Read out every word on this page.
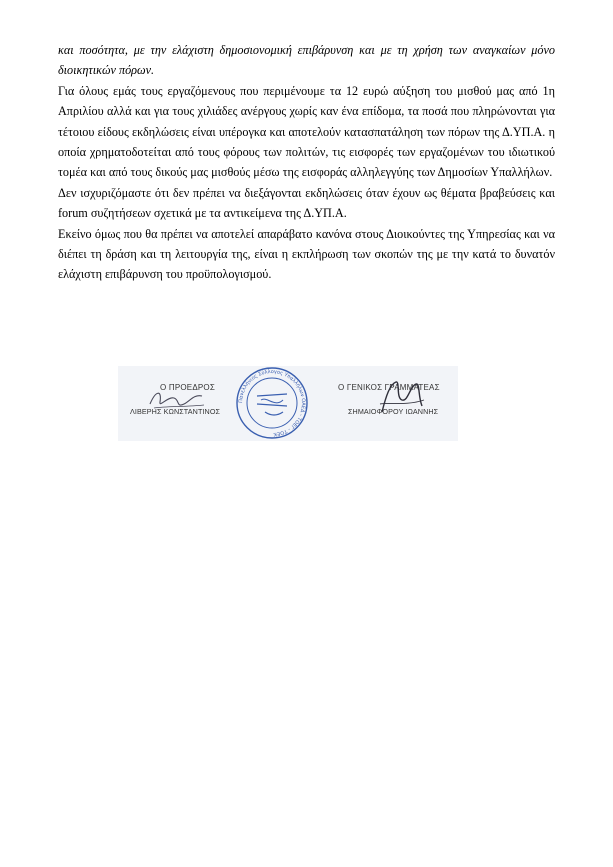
και ποσότητα, με την ελάχιστη δημοσιονομική επιβάρυνση και με τη χρήση των αναγκαίων μόνο διοικητικών πόρων.

Για όλους εμάς τους εργαζόμενους που περιμένουμε τα 12 ευρώ αύξηση του μισθού μας από 1η Απριλίου αλλά και για τους χιλιάδες ανέργους χωρίς καν ένα επίδομα, τα ποσά που πληρώνονται για τέτοιου είδους εκδηλώσεις είναι υπέρογκα και αποτελούν κατασπατάληση των πόρων της Δ.ΥΠ.Α. η οποία χρηματοδοτείται από τους φόρους των πολιτών, τις εισφορές των εργαζομένων του ιδιωτικού τομέα και από τους δικούς μας μισθούς μέσω της εισφοράς αλληλεγγύης των Δημοσίων Υπαλλήλων.

Δεν ισχυριζόμαστε ότι δεν πρέπει να διεξάγονται εκδηλώσεις όταν έχουν ως θέματα βραβεύσεις και forum συζητήσεων σχετικά με τα αντικείμενα της Δ.ΥΠ.Α.

Εκείνο όμως που θα πρέπει να αποτελεί απαράβατο κανόνα στους Διοικούντες της Υπηρεσίας και να διέπει τη δράση και τη λειτουργία της, είναι η εκπλήρωση των σκοπών της με την κατά το δυνατόν ελάχιστη επιβάρυνση του προϋπολογισμού.

Ο ΠΡΟΕΔΡΟΣ
ΛΙΒΕΡΗΣ ΚΩΝΣΤΑΝΤΙΝΟΣ
Πανελλήνιος Σύλλογος Υπαλλήλων ΟΑΕΔ - ΤΟΕΓ - ΤΟΕΚ
Ο ΓΕΝΙΚΟΣ ΓΡΑΜΜΑΤΕΑΣ
ΣΗΜΑΙΟΦΟΡΟΥ ΙΩΑΝΝΗΣ
